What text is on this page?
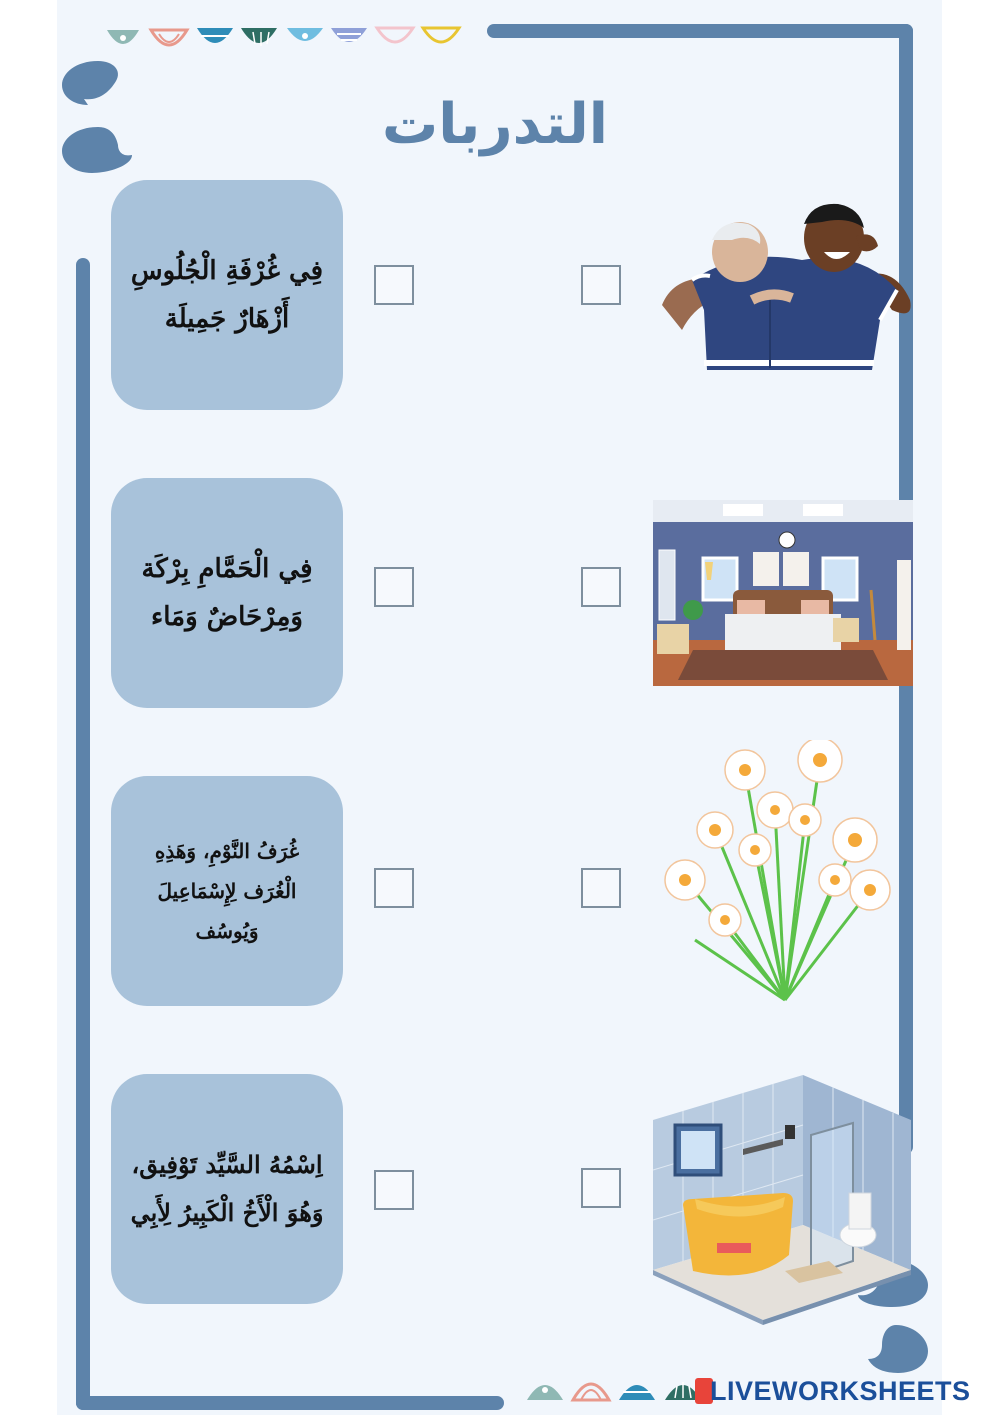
التدربات
فِي غُرْفَةِ الْجُلُوسِ
أَزْهَارٌ جَمِيلَة
فِي الْحَمَّامِ بِرْكَة
وَمِرْحَاضٌ وَمَاء
غُرَفُ النَّوْمِ، وَهَذِهِ
الْغُرَف لِإِسْمَاعِيلَ وَيُوسُف
اِسْمُهُ السَّيِّد تَوْفِيق،
وَهُوَ الْأَخُ الْكَبِيرُ لِأَبِي
LIVEWORKSHEETS
